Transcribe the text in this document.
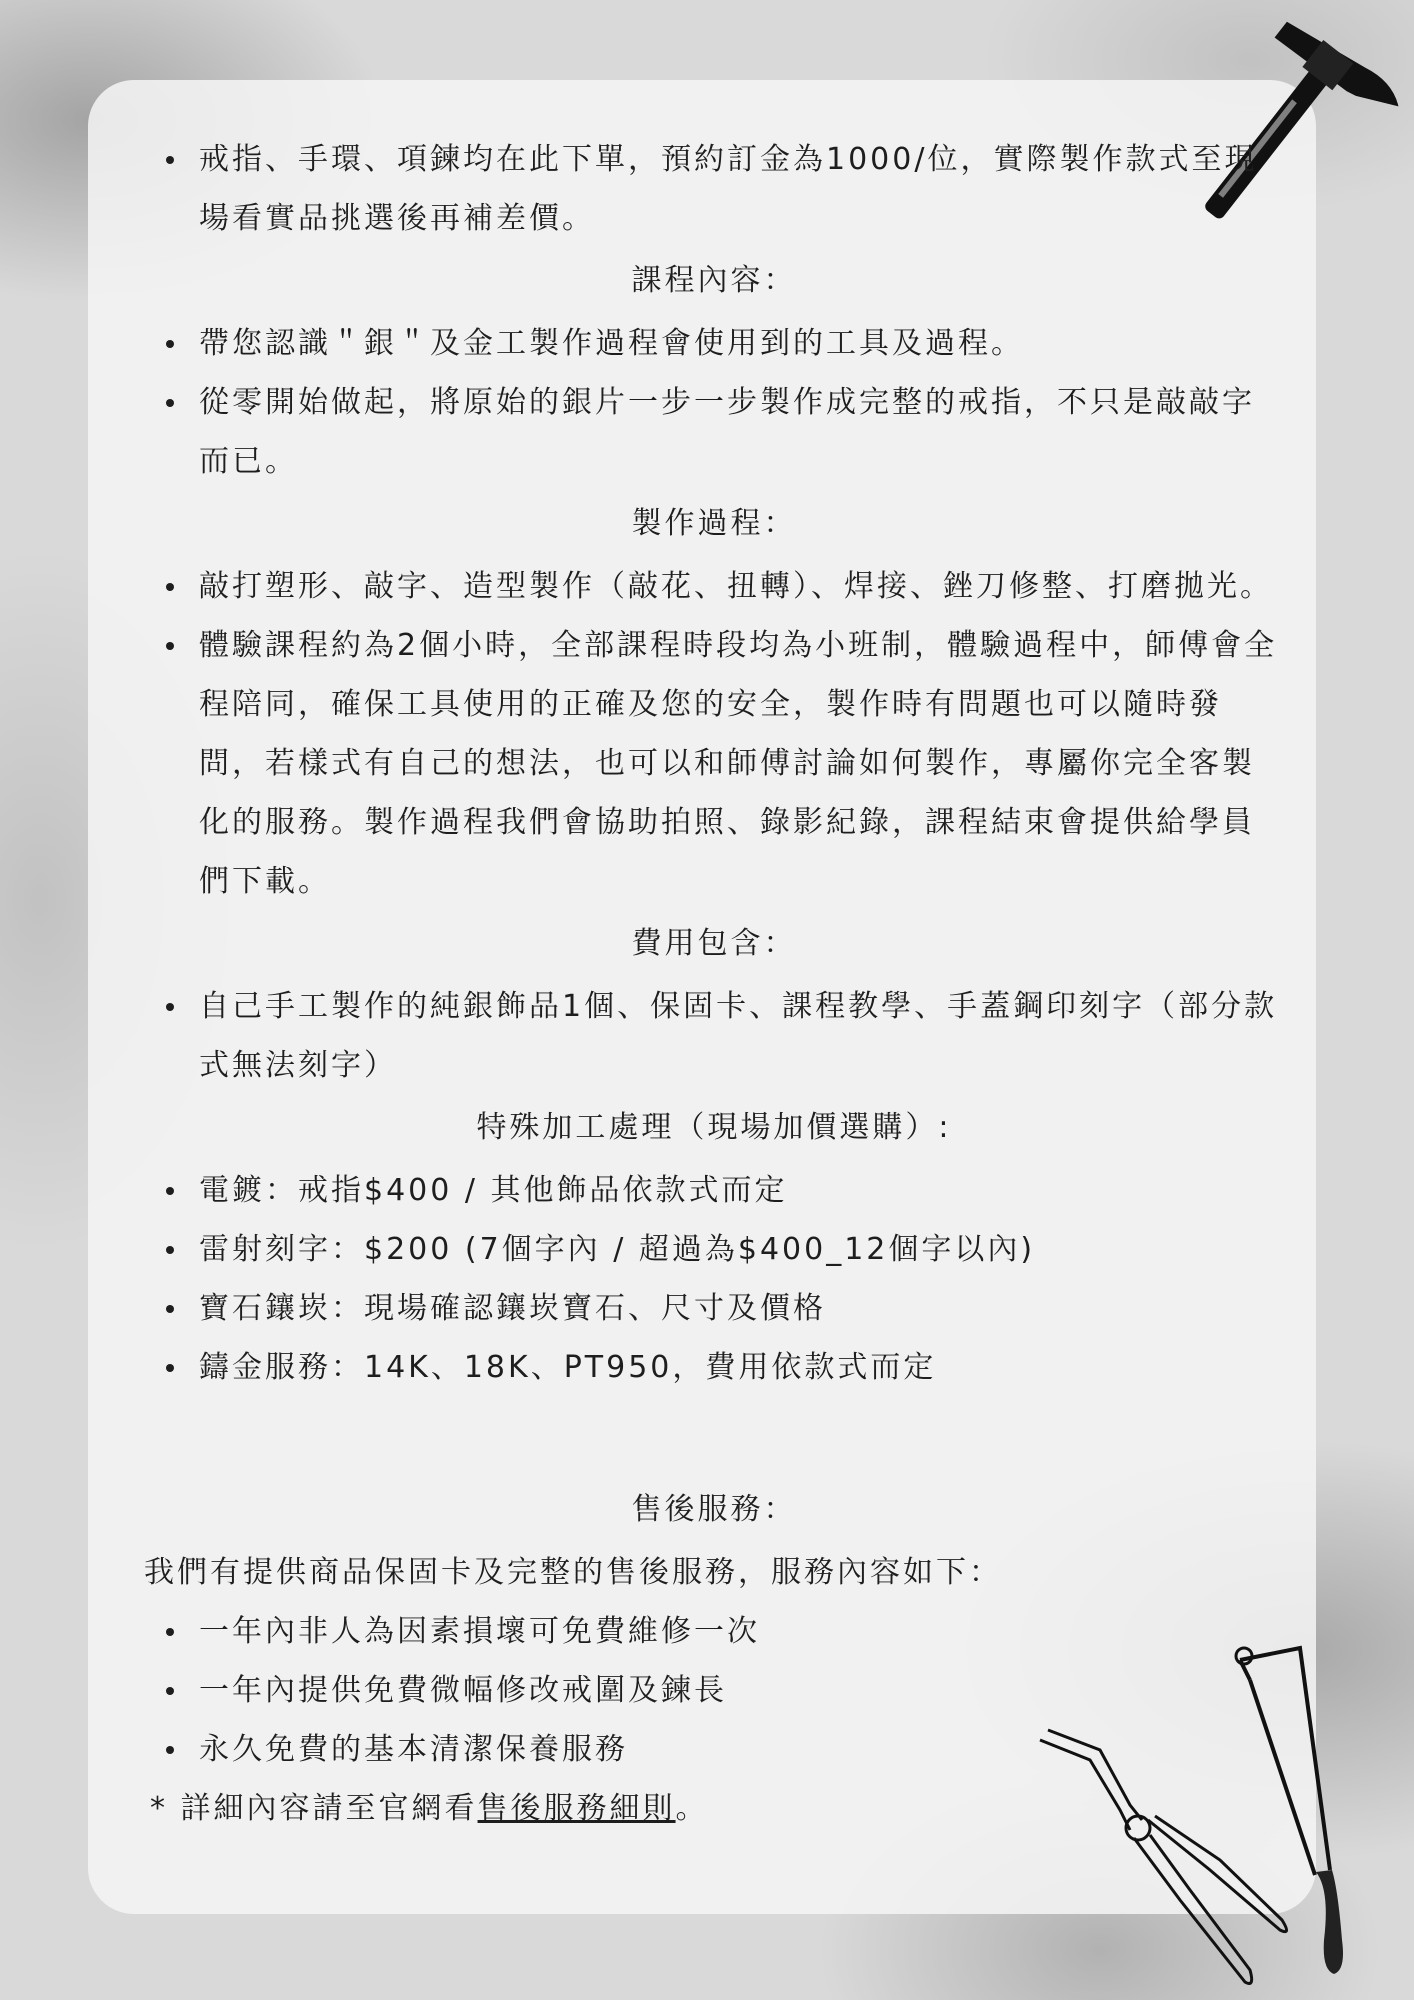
戒指、手環、項鍊均在此下單，預約訂金為1000/位，實際製作款式至現場看實品挑選後再補差價。
課程內容：
帶您認識＂銀＂及金工製作過程會使用到的工具及過程。
從零開始做起，將原始的銀片一步一步製作成完整的戒指，不只是敲敲字而已。
製作過程：
敲打塑形、敲字、造型製作（敲花、扭轉）、焊接、銼刀修整、打磨拋光。
體驗課程約為2個小時，全部課程時段均為小班制，體驗過程中，師傅會全程陪同，確保工具使用的正確及您的安全，製作時有問題也可以隨時發問，若樣式有自己的想法，也可以和師傅討論如何製作，專屬你完全客製化的服務。製作過程我們會協助拍照、錄影紀錄，課程結束會提供給學員們下載。
費用包含：
自己手工製作的純銀飾品1個、保固卡、課程教學、手蓋鋼印刻字（部分款式無法刻字）
特殊加工處理（現場加價選購）:
電鍍：戒指$400 / 其他飾品依款式而定
雷射刻字：$200 (7個字內 / 超過為$400_12個字以內)
寶石鑲崁：現場確認鑲崁寶石、尺寸及價格
鑄金服務：14K、18K、PT950，費用依款式而定
售後服務：
我們有提供商品保固卡及完整的售後服務，服務內容如下：
一年內非人為因素損壞可免費維修一次
一年內提供免費微幅修改戒圍及鍊長
永久免費的基本清潔保養服務
* 詳細內容請至官網看售後服務細則。
